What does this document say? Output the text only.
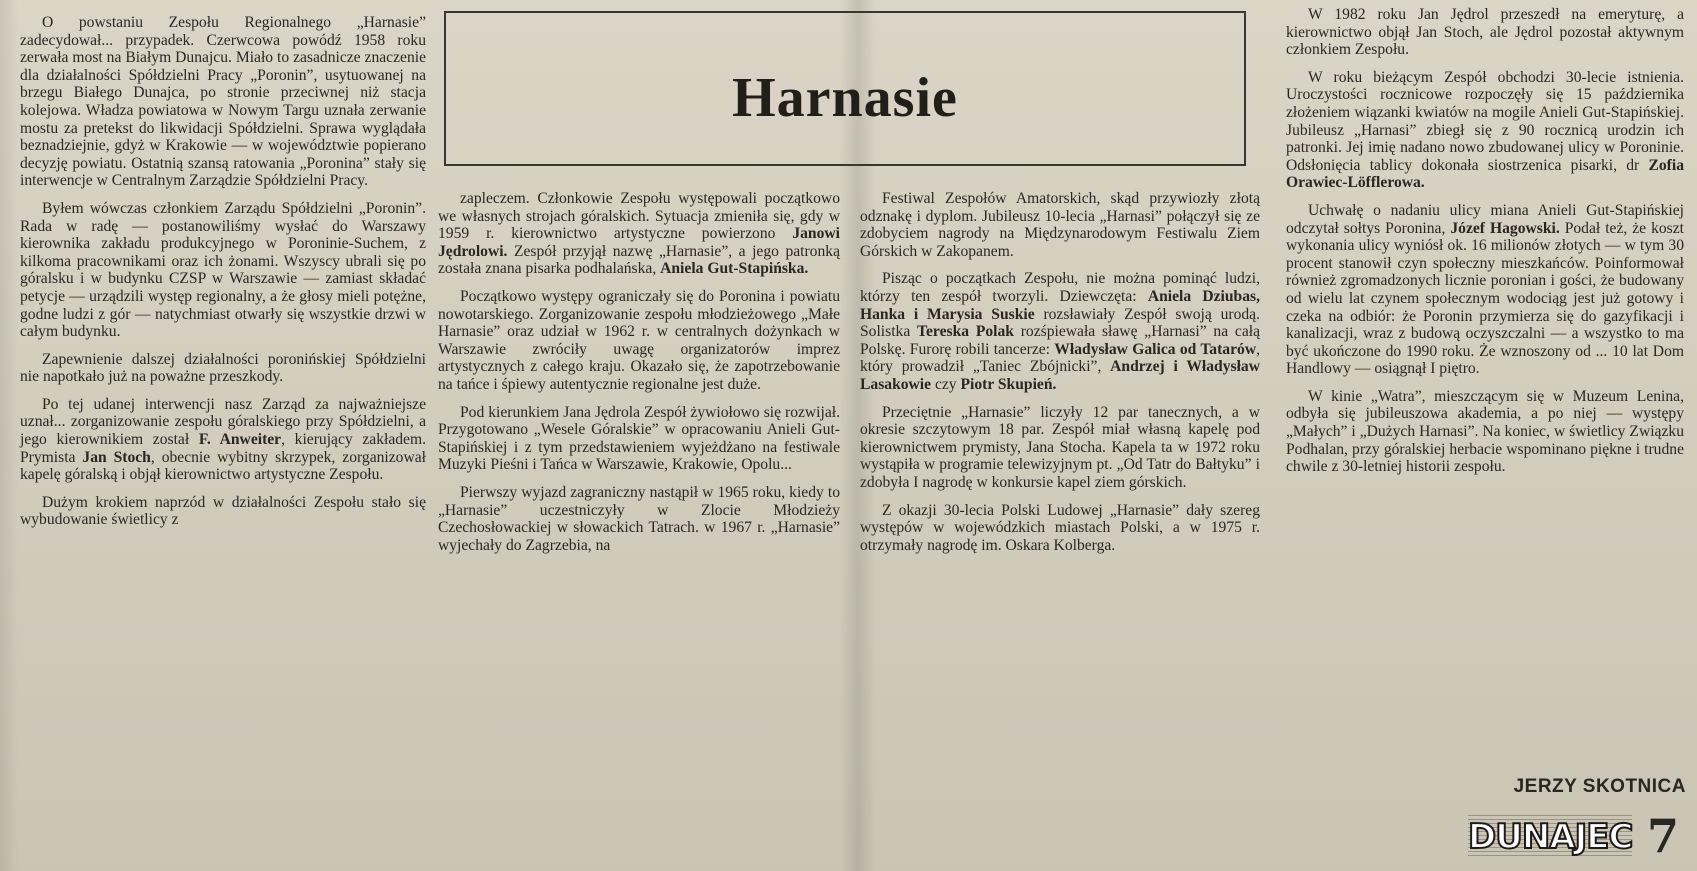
Harnasie

O powstaniu Zespołu Regionalnego „Harnasie” zadecydował... przypadek. Czerwcowa powódź 1958 roku zerwała most na Białym Dunajcu. Miało to zasadnicze znaczenie dla działalności Spółdzielni Pracy „Poronin”, usytuowanej na brzegu Białego Dunajca, po stronie przeciwnej niż stacja kolejowa. Władza powiatowa w Nowym Targu uznała zerwanie mostu za pretekst do likwidacji Spółdzielni. Sprawa wyglądała beznadziejnie, gdyż w Krakowie — w województwie popierano decyzję powiatu. Ostatnią szansą ratowania „Poronina” stały się interwencje w Centralnym Zarządzie Spółdzielni Pracy.

Byłem wówczas członkiem Zarządu Spółdzielni „Poronin”. Rada w radę — postanowiliśmy wysłać do Warszawy kierownika zakładu produkcyjnego w Poroninie-Suchem, z kilkoma pracownikami oraz ich żonami. Wszyscy ubrali się po góralsku i w budynku CZSP w Warszawie — zamiast składać petycje — urządzili występ regionalny, a że głosy mieli potężne, godne ludzi z gór — natychmiast otwarły się wszystkie drzwi w całym budynku.

Zapewnienie dalszej działalności poronińskiej Spółdzielni nie napotkało już na poważne przeszkody.

Po tej udanej interwencji nasz Zarząd za najważniejsze uznał... zorganizowanie zespołu góralskiego przy Spółdzielni, a jego kierownikiem został F. Anweiter, kierujący zakładem. Prymista Jan Stoch, obecnie wybitny skrzypek, zorganizował kapelę góralską i objął kierownictwo artystyczne Zespołu.

Dużym krokiem naprzód w działalności Zespołu stało się wybudowanie świetlicy z

zapleczem. Członkowie Zespołu występowali początkowo we własnych strojach góralskich. Sytuacja zmieniła się, gdy w 1959 r. kierownictwo artystyczne powierzono Janowi Jędrolowi. Zespół przyjął nazwę „Harnasie”, a jego patronką została znana pisarka podhalańska, Aniela Gut-Stapińska.

Początkowo występy ograniczały się do Poronina i powiatu nowotarskiego. Zorganizowanie zespołu młodzieżowego „Małe Harnasie” oraz udział w 1962 r. w centralnych dożynkach w Warszawie zwróciły uwagę organizatorów imprez artystycznych z całego kraju. Okazało się, że zapotrzebowanie na tańce i śpiewy autentycznie regionalne jest duże.

Pod kierunkiem Jana Jędrola Zespół żywiołowo się rozwijał. Przygotowano „Wesele Góralskie” w opracowaniu Anieli Gut-Stapińskiej i z tym przedstawieniem wyjeżdżano na festiwale Muzyki Pieśni i Tańca w Warszawie, Krakowie, Opolu...

Pierwszy wyjazd zagraniczny nastąpił w 1965 roku, kiedy to „Harnasie” uczestniczyły w Zlocie Młodzieży Czechosłowackiej w słowackich Tatrach. w 1967 r. „Harnasie” wyjechały do Zagrzebia, na

Festiwal Zespołów Amatorskich, skąd przywiozły złotą odznakę i dyplom. Jubileusz 10-lecia „Harnasi” połączył się ze zdobyciem nagrody na Międzynarodowym Festiwalu Ziem Górskich w Zakopanem.

Pisząc o początkach Zespołu, nie można pominąć ludzi, którzy ten zespół tworzyli. Dziewczęta: Aniela Dziubas, Hanka i Marysia Suskie rozsławiały Zespół swoją urodą. Solistka Tereska Polak rozśpiewała sławę „Harnasi” na całą Polskę. Furorę robili tancerze: Władysław Galica od Tatarów, który prowadził „Taniec Zbójnicki”, Andrzej i Władysław Lasakowie czy Piotr Skupień.

Przeciętnie „Harnasie” liczyły 12 par tanecznych, a w okresie szczytowym 18 par. Zespół miał własną kapelę pod kierownictwem prymisty, Jana Stocha. Kapela ta w 1972 roku wystąpiła w programie telewizyjnym pt. „Od Tatr do Bałtyku” i zdobyła I nagrodę w konkursie kapel ziem górskich.

Z okazji 30-lecia Polski Ludowej „Harnasie” dały szereg występów w wojewódzkich miastach Polski, a w 1975 r. otrzymały nagrodę im. Oskara Kolberga.

W 1982 roku Jan Jędrol przeszedł na emeryturę, a kierownictwo objął Jan Stoch, ale Jędrol pozostał aktywnym członkiem Zespołu.

W roku bieżącym Zespół obchodzi 30-lecie istnienia. Uroczystości rocznicowe rozpoczęły się 15 października złożeniem wiązanki kwiatów na mogile Anieli Gut-Stapińskiej. Jubileusz „Harnasi” zbiegł się z 90 rocznicą urodzin ich patronki. Jej imię nadano nowo zbudowanej ulicy w Poroninie. Odsłonięcia tablicy dokonała siostrzenica pisarki, dr Zofia Orawiec-Löfflerowa.

Uchwałę o nadaniu ulicy miana Anieli Gut-Stapińskiej odczytał sołtys Poronina, Józef Hagowski. Podał też, że koszt wykonania ulicy wyniósł ok. 16 milionów złotych — w tym 30 procent stanowił czyn społeczny mieszkańców. Poinformował również zgromadzonych licznie poronian i gości, że budowany od wielu lat czynem społecznym wodociąg jest już gotowy i czeka na odbiór: że Poronin przymierza się do gazyfikacji i kanalizacji, wraz z budową oczyszczalni — a wszystko to ma być ukończone do 1990 roku. Że wznoszony od ... 10 lat Dom Handlowy — osiągnął I piętro.

W kinie „Watra”, mieszczącym się w Muzeum Lenina, odbyła się jubileuszowa akademia, a po niej — występy „Małych” i „Dużych Harnasi”. Na koniec, w świetlicy Związku Podhalan, przy góralskiej herbacie wspominano piękne i trudne chwile z 30-letniej historii zespołu.

JERZY SKOTNICA
DUNAJEC 7
